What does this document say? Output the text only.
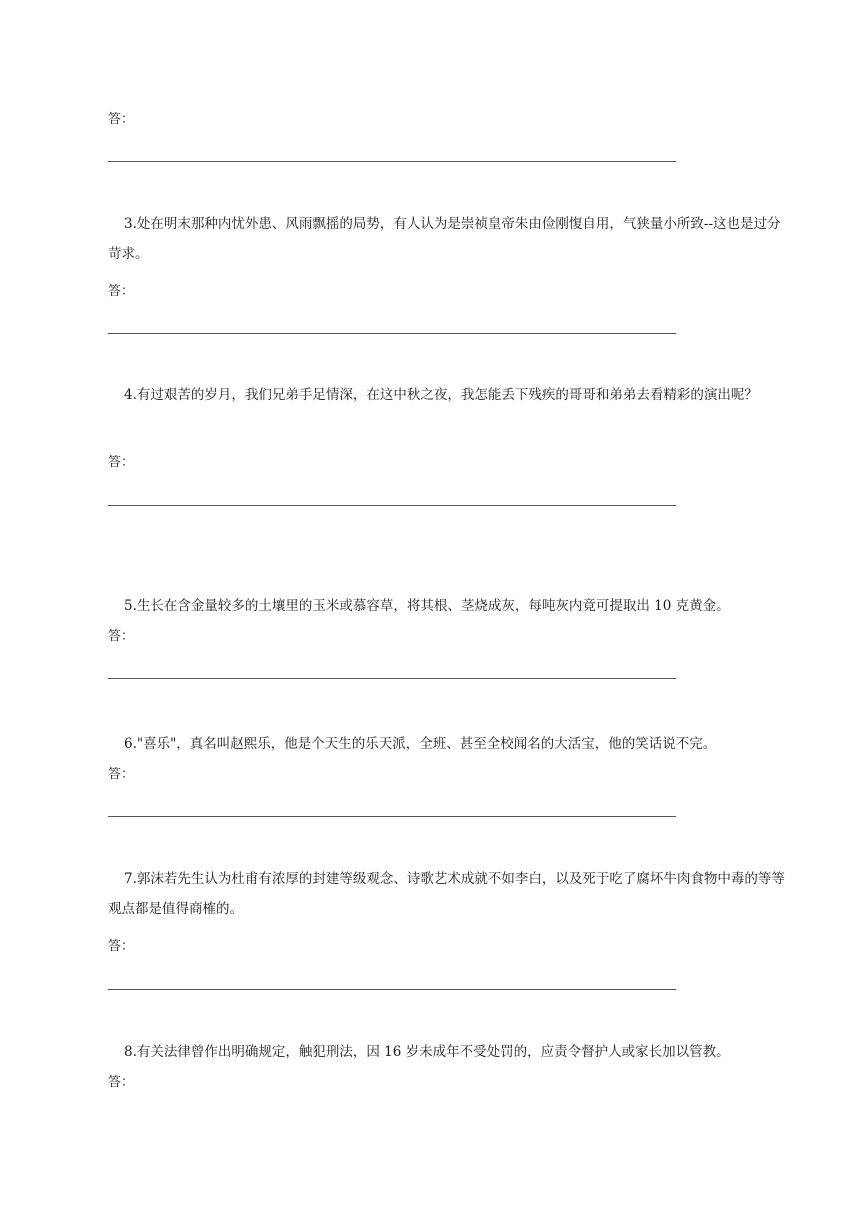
答：
3.处在明末那种内忧外患、风雨飘摇的局势，有人认为是崇祯皇帝朱由俭刚愎自用，气狭量小所致--这也是过分苛求。
答：
4.有过艰苦的岁月，我们兄弟手足情深，在这中秋之夜，我怎能丢下残疾的哥哥和弟弟去看精彩的演出呢？
答：
5.生长在含金量较多的土壤里的玉米或慕容草，将其根、茎烧成灰，每吨灰内竟可提取出 10 克黄金。
答：
6."喜乐"，真名叫赵熙乐，他是个天生的乐天派，全班、甚至全校闻名的大活宝，他的笑话说不完。
答：
7.郭沫若先生认为杜甫有浓厚的封建等级观念、诗歌艺术成就不如李白，以及死于吃了腐坏牛肉食物中毒的等等观点都是值得商榷的。
答：
8.有关法律曾作出明确规定，触犯刑法，因 16 岁未成年不受处罚的，应责令督护人或家长加以管教。
答：
